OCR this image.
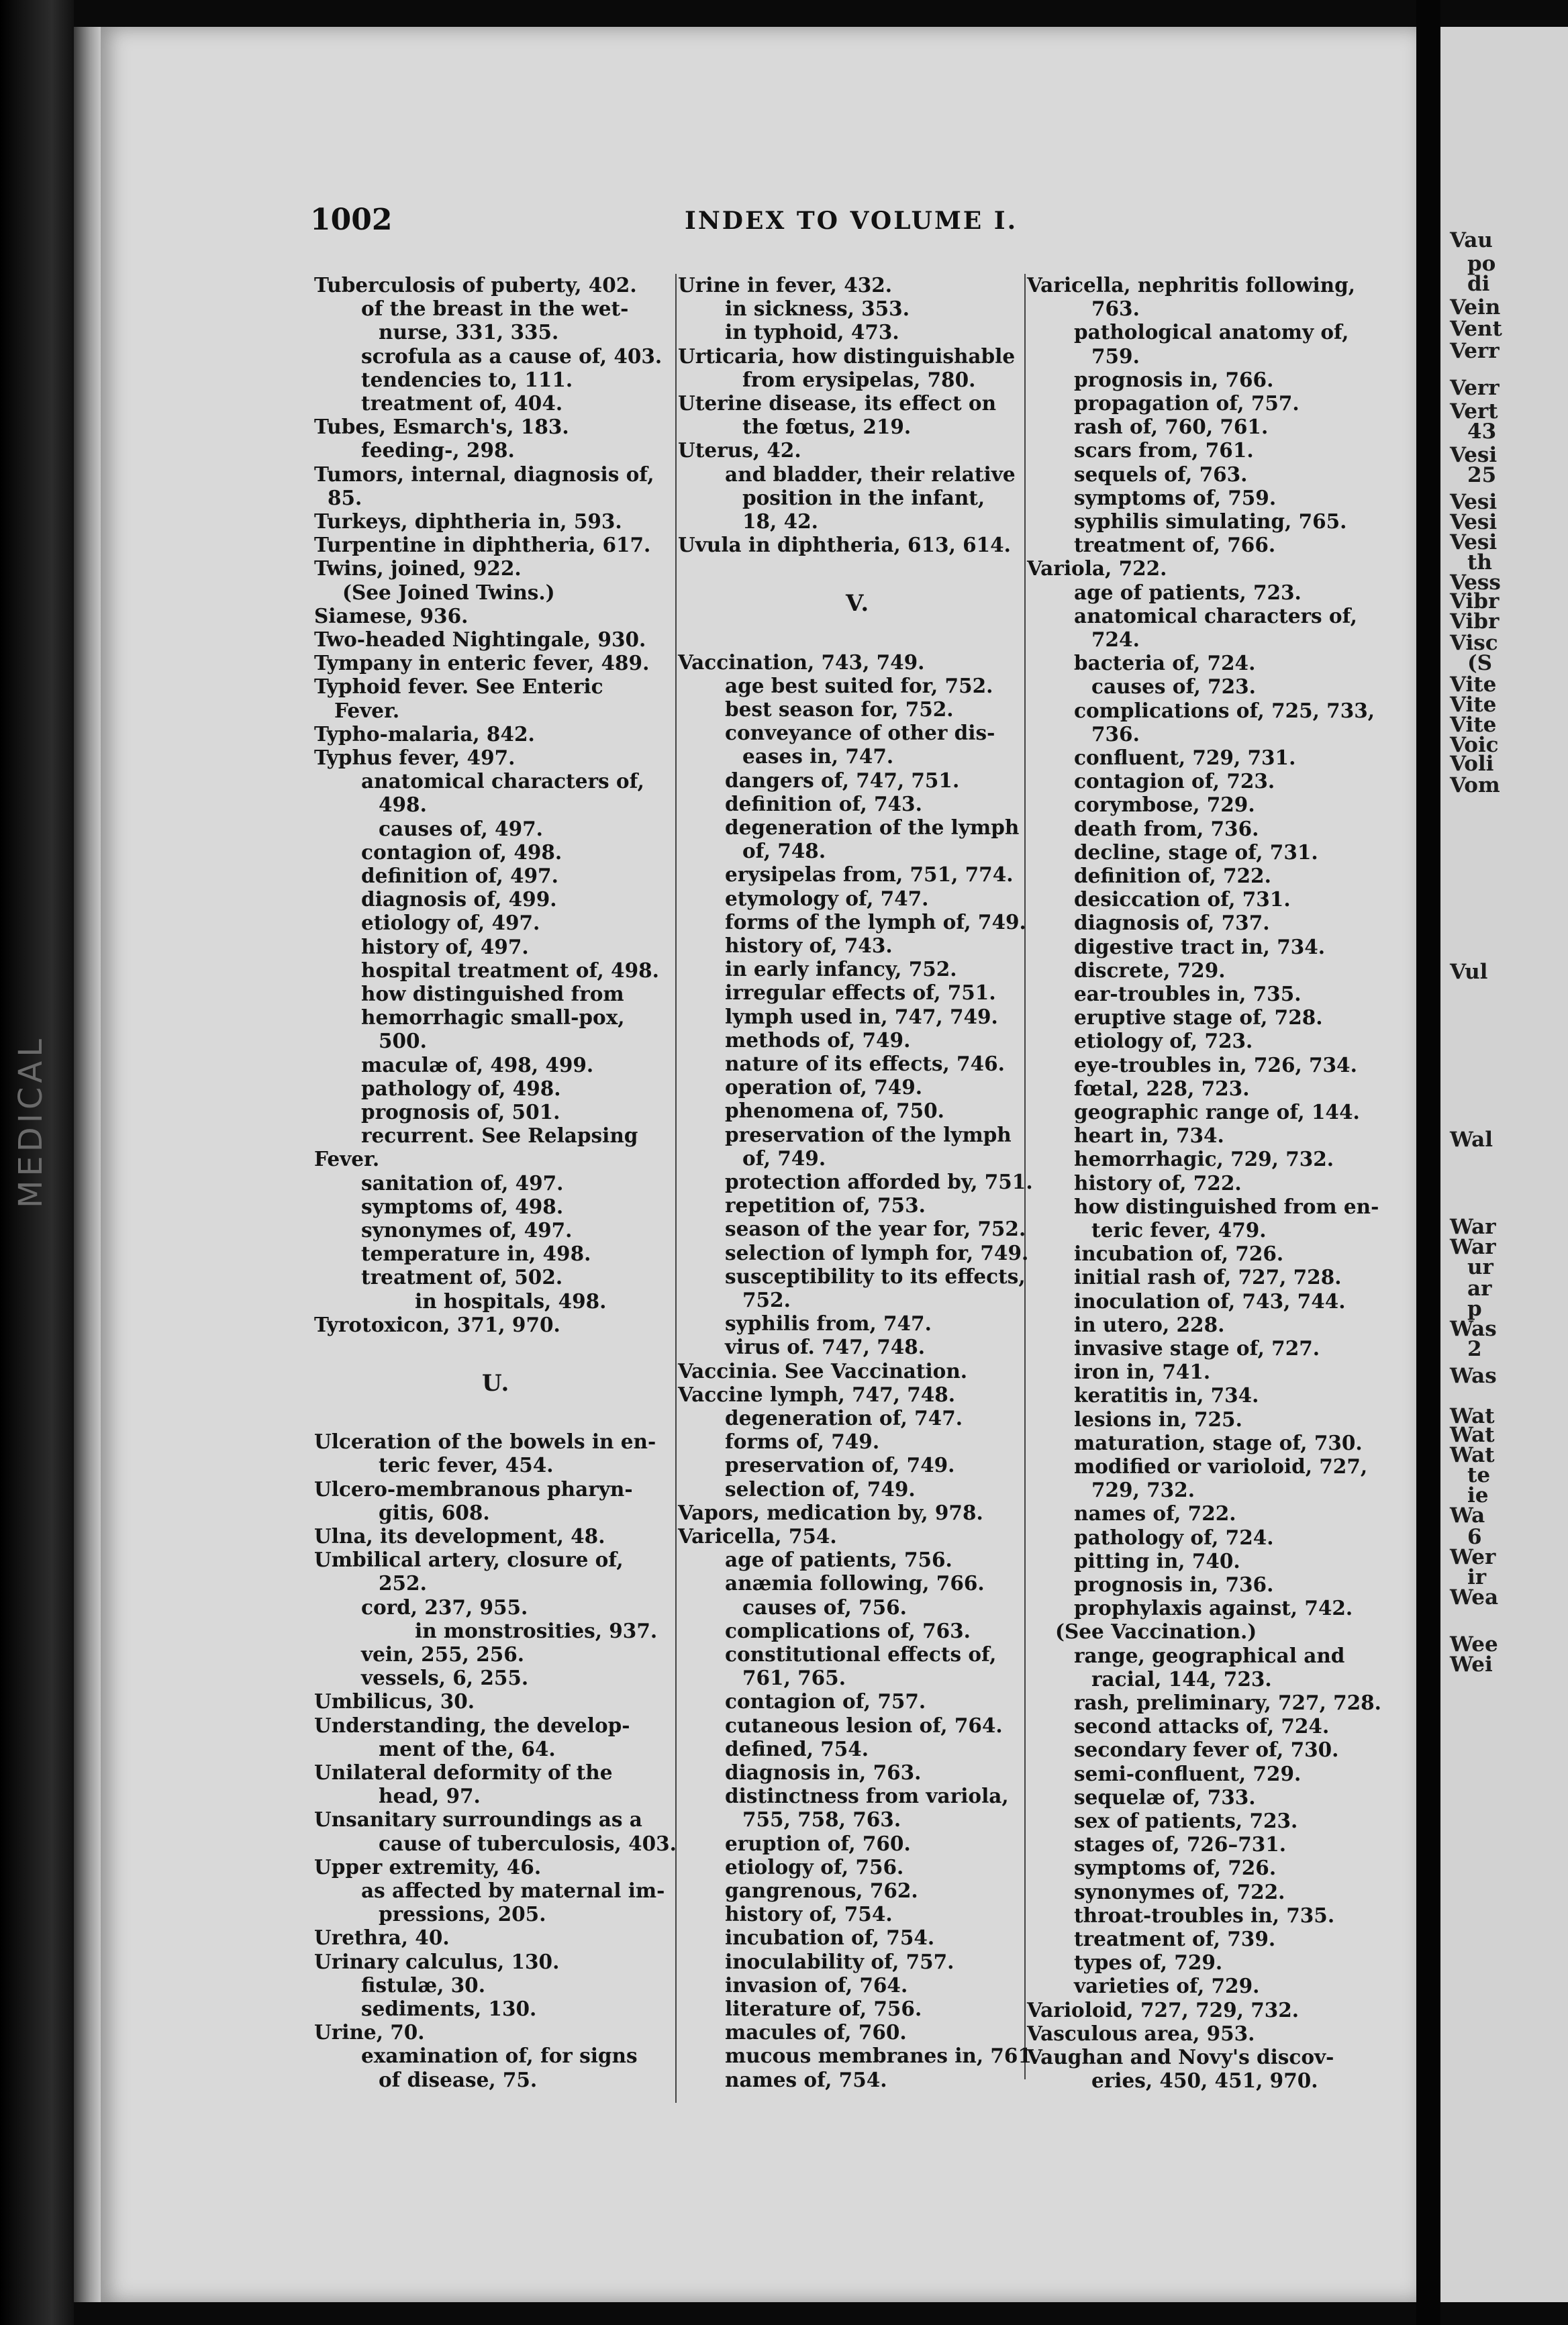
MEDICAL
1002	INDEX TO VOLUME I.
Tuberculosis of puberty, 402.
of the breast in the wet-
nurse, 331, 335.
scrofula as a cause of, 403.
tendencies to, 111.
treatment of, 404.
Tubes, Esmarch's, 183.
feeding-, 298.
Tumors, internal, diagnosis of,
85.
Turkeys, diphtheria in, 593.
Turpentine in diphtheria, 617.
Twins, joined, 922.
(See Joined Twins.)
Siamese, 936.
Two-headed Nightingale, 930.
Tympany in enteric fever, 489.
Typhoid fever. See Enteric
Fever.
Typho-malaria, 842.
Typhus fever, 497.
anatomical characters of,
498.
causes of, 497.
contagion of, 498.
definition of, 497.
diagnosis of, 499.
etiology of, 497.
history of, 497.
hospital treatment of, 498.
how distinguished from
hemorrhagic small-pox,
500.
maculæ of, 498, 499.
pathology of, 498.
prognosis of, 501.
recurrent. See Relapsing
Fever.
sanitation of, 497.
symptoms of, 498.
synonymes of, 497.
temperature in, 498.
treatment of, 502.
in hospitals, 498.
Tyrotoxicon, 371, 970.
U.
Ulceration of the bowels in en-
teric fever, 454.
Ulcero-membranous pharyn-
gitis, 608.
Ulna, its development, 48.
Umbilical artery, closure of,
252.
cord, 237, 955.
in monstrosities, 937.
vein, 255, 256.
vessels, 6, 255.
Umbilicus, 30.
Understanding, the develop-
ment of the, 64.
Unilateral deformity of the
head, 97.
Unsanitary surroundings as a
cause of tuberculosis, 403.
Upper extremity, 46.
as affected by maternal im-
pressions, 205.
Urethra, 40.
Urinary calculus, 130.
fistulæ, 30.
sediments, 130.
Urine, 70.
examination of, for signs
of disease, 75.
Urine in fever, 432.
in sickness, 353.
in typhoid, 473.
Urticaria, how distinguishable
from erysipelas, 780.
Uterine disease, its effect on
the fœtus, 219.
Uterus, 42.
and bladder, their relative
position in the infant,
18, 42.
Uvula in diphtheria, 613, 614.
V.
Vaccination, 743, 749.
age best suited for, 752.
best season for, 752.
conveyance of other dis-
eases in, 747.
dangers of, 747, 751.
definition of, 743.
degeneration of the lymph
of, 748.
erysipelas from, 751, 774.
etymology of, 747.
forms of the lymph of, 749.
history of, 743.
in early infancy, 752.
irregular effects of, 751.
lymph used in, 747, 749.
methods of, 749.
nature of its effects, 746.
operation of, 749.
phenomena of, 750.
preservation of the lymph
of, 749.
protection afforded by, 751.
repetition of, 753.
season of the year for, 752.
selection of lymph for, 749.
susceptibility to its effects,
752.
syphilis from, 747.
virus of. 747, 748.
Vaccinia. See Vaccination.
Vaccine lymph, 747, 748.
degeneration of, 747.
forms of, 749.
preservation of, 749.
selection of, 749.
Vapors, medication by, 978.
Varicella, 754.
age of patients, 756.
anæmia following, 766.
causes of, 756.
complications of, 763.
constitutional effects of,
761, 765.
contagion of, 757.
cutaneous lesion of, 764.
defined, 754.
diagnosis in, 763.
distinctness from variola,
755, 758, 763.
eruption of, 760.
etiology of, 756.
gangrenous, 762.
history of, 754.
incubation of, 754.
inoculability of, 757.
invasion of, 764.
literature of, 756.
macules of, 760.
mucous membranes in, 761.
names of, 754.
Varicella, nephritis following,
763.
pathological anatomy of,
759.
prognosis in, 766.
propagation of, 757.
rash of, 760, 761.
scars from, 761.
sequels of, 763.
symptoms of, 759.
syphilis simulating, 765.
treatment of, 766.
Variola, 722.
age of patients, 723.
anatomical characters of,
724.
bacteria of, 724.
causes of, 723.
complications of, 725, 733,
736.
confluent, 729, 731.
contagion of, 723.
corymbose, 729.
death from, 736.
decline, stage of, 731.
definition of, 722.
desiccation of, 731.
diagnosis of, 737.
digestive tract in, 734.
discrete, 729.
ear-troubles in, 735.
eruptive stage of, 728.
etiology of, 723.
eye-troubles in, 726, 734.
fœtal, 228, 723.
geographic range of, 144.
heart in, 734.
hemorrhagic, 729, 732.
history of, 722.
how distinguished from en-
teric fever, 479.
incubation of, 726.
initial rash of, 727, 728.
inoculation of, 743, 744.
in utero, 228.
invasive stage of, 727.
iron in, 741.
keratitis in, 734.
lesions in, 725.
maturation, stage of, 730.
modified or varioloid, 727,
729, 732.
names of, 722.
pathology of, 724.
pitting in, 740.
prognosis in, 736.
prophylaxis against, 742.
(See Vaccination.)
range, geographical and
racial, 144, 723.
rash, preliminary, 727, 728.
second attacks of, 724.
secondary fever of, 730.
semi-confluent, 729.
sequelæ of, 733.
sex of patients, 723.
stages of, 726–731.
symptoms of, 726.
synonymes of, 722.
throat-troubles in, 735.
treatment of, 739.
types of, 729.
varieties of, 729.
Varioloid, 727, 729, 732.
Vasculous area, 953.
Vaughan and Novy's discov-
eries, 450, 451, 970.
Vau
po
di
Vein
Vent
Verr
Verr
Vert
43
Vesi
25
Vesi
Vesi
Vesi
th
Vess
Vibr
Vibr
Visc
(S
Vite
Vite
Vite
Voic
Voli
Vom
Vul
Wal
War
War
ur
ar
p
Was
2
Was
Wat
Wat
Wat
te
ie
Wa
6
Wer
ir
Wea
Wee
Wei
